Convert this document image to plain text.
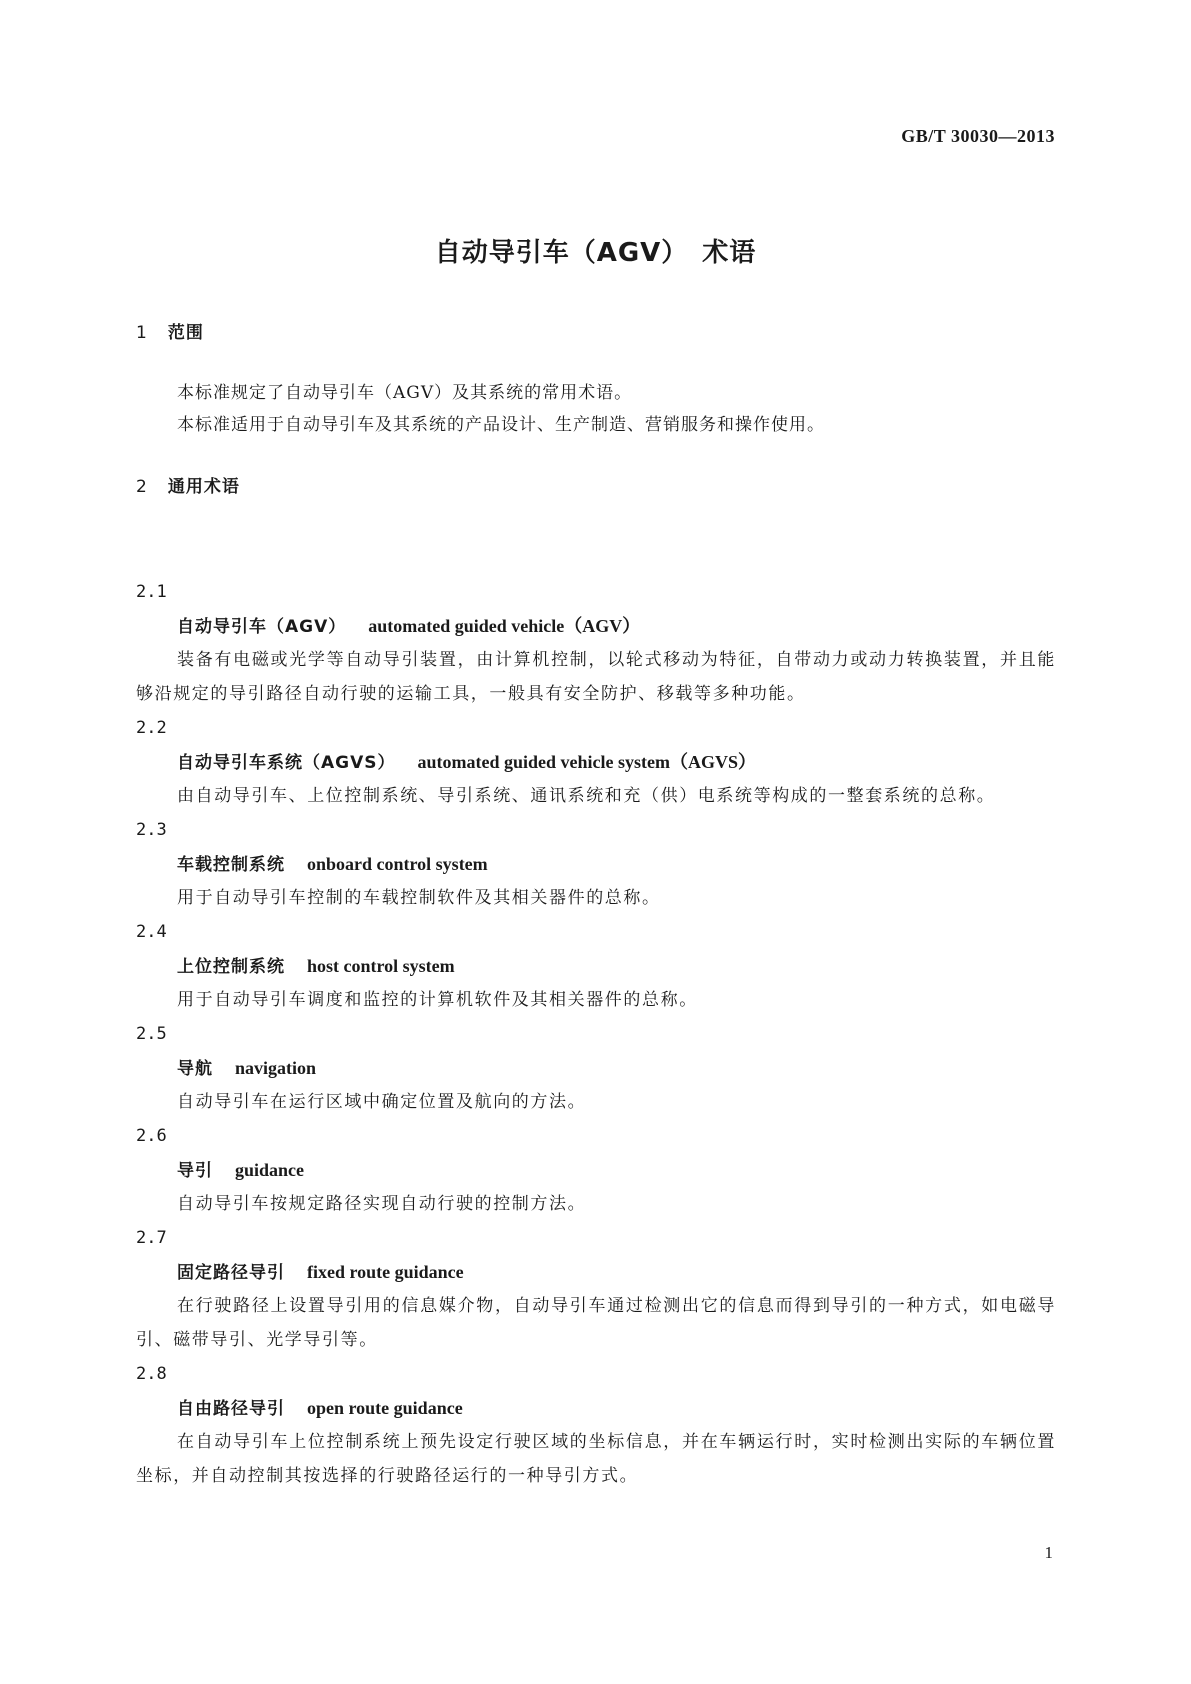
GB/T 30030—2013
自动导引车（AGV）　术语
1 范围
本标准规定了自动导引车（AGV）及其系统的常用术语。
本标准适用于自动导引车及其系统的产品设计、生产制造、营销服务和操作使用。
2 通用术语
2.1
自动导引车（AGV） automated guided vehicle（AGV）
装备有电磁或光学等自动导引装置，由计算机控制，以轮式移动为特征，自带动力或动力转换装置，并且能够沿规定的导引路径自动行驶的运输工具，一般具有安全防护、移载等多种功能。
2.2
自动导引车系统（AGVS） automated guided vehicle system（AGVS）
由自动导引车、上位控制系统、导引系统、通讯系统和充（供）电系统等构成的一整套系统的总称。
2.3
车载控制系统 onboard control system
用于自动导引车控制的车载控制软件及其相关器件的总称。
2.4
上位控制系统 host control system
用于自动导引车调度和监控的计算机软件及其相关器件的总称。
2.5
导航 navigation
自动导引车在运行区域中确定位置及航向的方法。
2.6
导引 guidance
自动导引车按规定路径实现自动行驶的控制方法。
2.7
固定路径导引 fixed route guidance
在行驶路径上设置导引用的信息媒介物，自动导引车通过检测出它的信息而得到导引的一种方式，如电磁导引、磁带导引、光学导引等。
2.8
自由路径导引 open route guidance
在自动导引车上位控制系统上预先设定行驶区域的坐标信息，并在车辆运行时，实时检测出实际的车辆位置坐标，并自动控制其按选择的行驶路径运行的一种导引方式。
1
